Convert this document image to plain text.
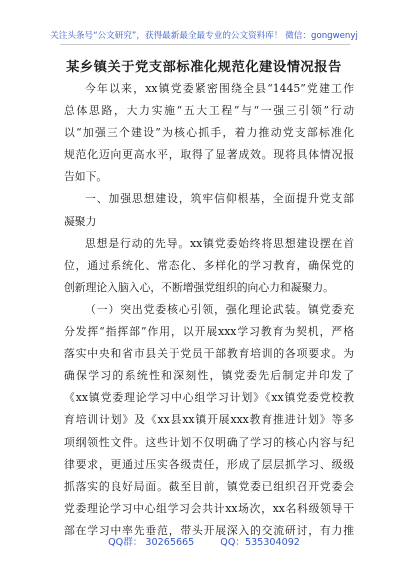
关注头条号“公文研究”，获得最新最全最专业的公文资料库！ 微信：gongwenyj
某乡镇关于党支部标准化规范化建设情况报告
今年以来，xx镇党委紧密围绕全县“1445”党建工作
总体思路，大力实施“五大工程”与“一强三引领”行动
以“加强三个建设”为核心抓手，着力推动党支部标准化
规范化迈向更高水平，取得了显著成效。现将具体情况报
告如下。
一、加强思想建设，筑牢信仰根基，全面提升党支部
凝聚力
思想是行动的先导。xx镇党委始终将思想建设摆在首
位，通过系统化、常态化、多样化的学习教育，确保党的
创新理论入脑入心，不断增强党组织的向心力和凝聚力。
（一）突出党委核心引领，强化理论武装。镇党委充
分发挥“指挥部”作用，以开展xxx学习教育为契机，严格
落实中央和省市县关于党员干部教育培训的各项要求。为
确保学习的系统性和深刻性，镇党委先后制定并印发了
《xx镇党委理论学习中心组学习计划》《xx镇党委党校教
育培训计划》及《xx县xx镇开展xxx教育推进计划》等多
项纲领性文件。这些计划不仅明确了学习的核心内容与纪
律要求，更通过压实各级责任，形成了层层抓学习、级级
抓落实的良好局面。截至目前，镇党委已组织召开党委会
党委理论学习中心组学习会共计xx场次，xx名科级领导干
部在学习中率先垂范，带头开展深入的交流研讨，有力推
QQ群： 30265665	QQ：535304092
